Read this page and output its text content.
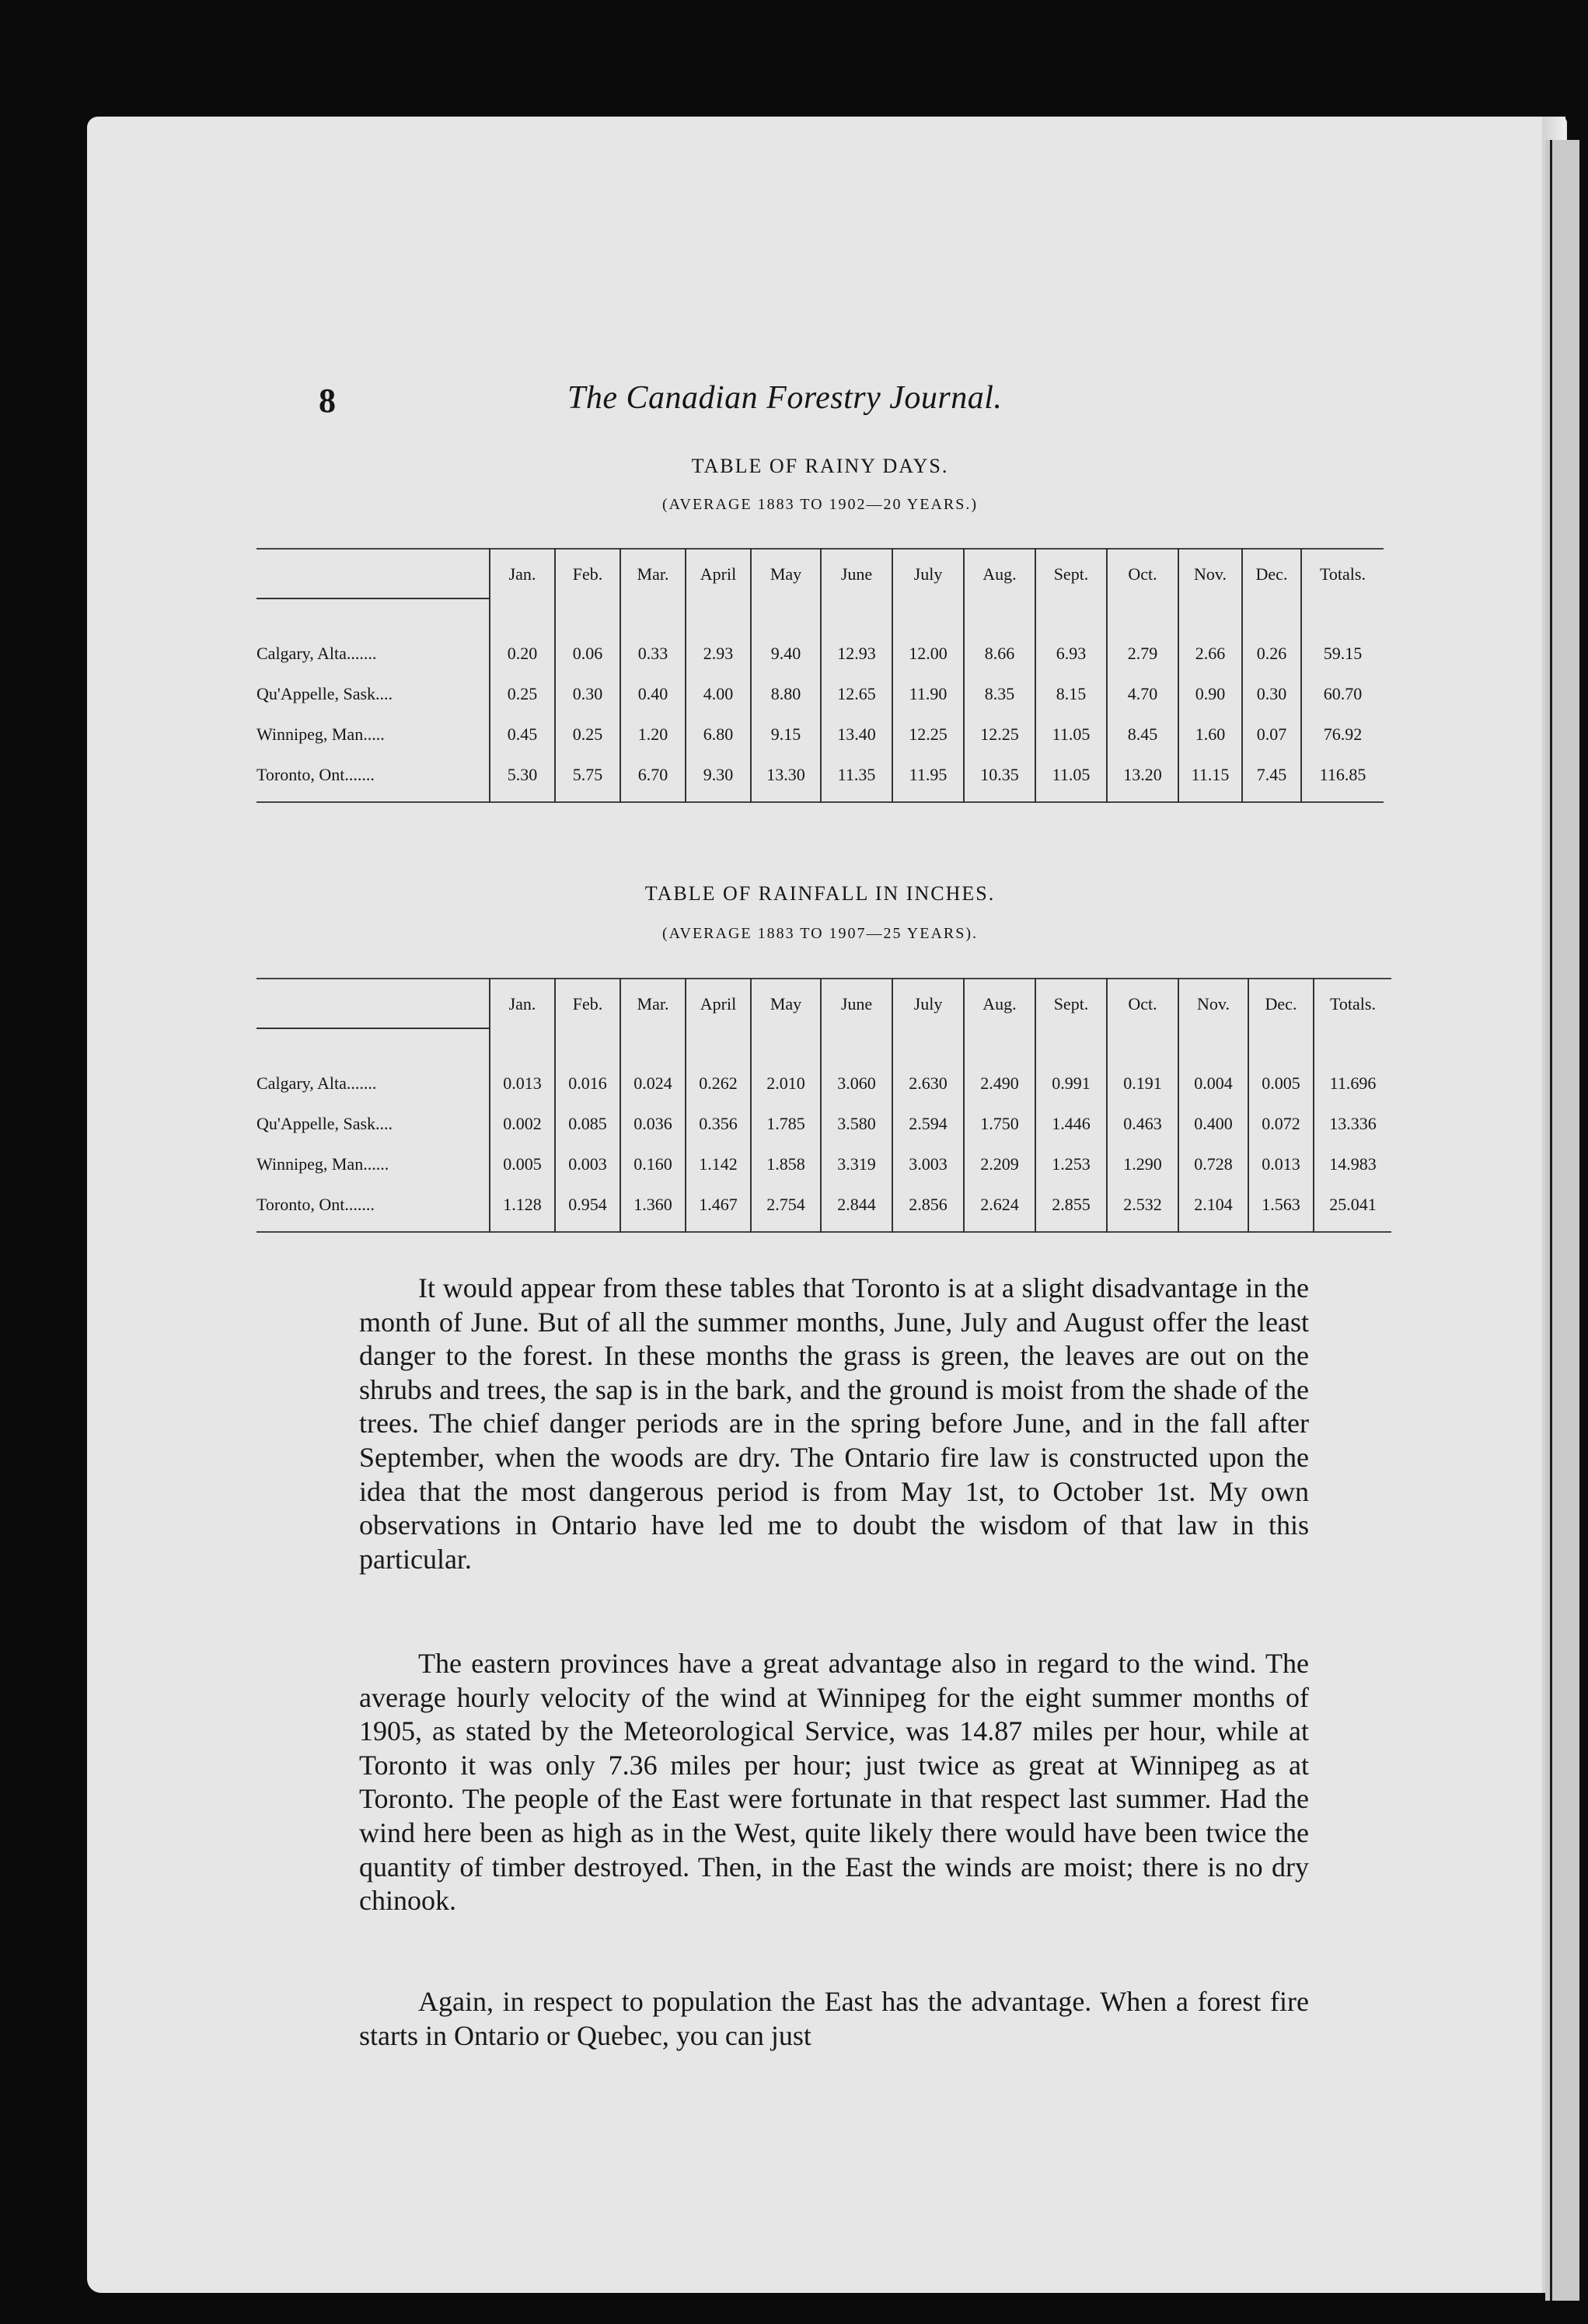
8	The Canadian Forestry Journal.
TABLE OF RAINY DAYS.
(AVERAGE 1883 TO 1902—20 YEARS.)
	Jan.	Feb.	Mar.	April	May	June	July	Aug.	Sept.	Oct.	Nov.	Dec.	Totals.

Calgary, Alta.......	0.20	0.06	0.33	2.93	9.40	12.93	12.00	8.66	6.93	2.79	2.66	0.26	59.15
Qu'Appelle, Sask....	0.25	0.30	0.40	4.00	8.80	12.65	11.90	8.35	8.15	4.70	0.90	0.30	60.70
Winnipeg, Man.....	0.45	0.25	1.20	6.80	9.15	13.40	12.25	12.25	11.05	8.45	1.60	0.07	76.92
Toronto, Ont.......	5.30	5.75	6.70	9.30	13.30	11.35	11.95	10.35	11.05	13.20	11.15	7.45	116.85

TABLE OF RAINFALL IN INCHES.
(AVERAGE 1883 TO 1907—25 YEARS).
	Jan.	Feb.	Mar.	April	May	June	July	Aug.	Sept.	Oct.	Nov.	Dec.	Totals.

Calgary, Alta.......	0.013	0.016	0.024	0.262	2.010	3.060	2.630	2.490	0.991	0.191	0.004	0.005	11.696
Qu'Appelle, Sask....	0.002	0.085	0.036	0.356	1.785	3.580	2.594	1.750	1.446	0.463	0.400	0.072	13.336
Winnipeg, Man......	0.005	0.003	0.160	1.142	1.858	3.319	3.003	2.209	1.253	1.290	0.728	0.013	14.983
Toronto, Ont.......	1.128	0.954	1.360	1.467	2.754	2.844	2.856	2.624	2.855	2.532	2.104	1.563	25.041

It would appear from these tables that Toronto is at a slight disadvantage in the month of June. But of all the summer months, June, July and August offer the least danger to the forest. In these months the grass is green, the leaves are out on the shrubs and trees, the sap is in the bark, and the ground is moist from the shade of the trees. The chief danger periods are in the spring before June, and in the fall after September, when the woods are dry. The Ontario fire law is constructed upon the idea that the most dangerous period is from May 1st, to October 1st. My own observations in Ontario have led me to doubt the wisdom of that law in this particular.

The eastern provinces have a great advantage also in regard to the wind. The average hourly velocity of the wind at Winnipeg for the eight summer months of 1905, as stated by the Meteorological Service, was 14.87 miles per hour, while at Toronto it was only 7.36 miles per hour; just twice as great at Winnipeg as at Toronto. The people of the East were fortunate in that respect last summer. Had the wind here been as high as in the West, quite likely there would have been twice the quantity of timber destroyed. Then, in the East the winds are moist; there is no dry chinook.

Again, in respect to population the East has the advantage. When a forest fire starts in Ontario or Quebec, you can just
